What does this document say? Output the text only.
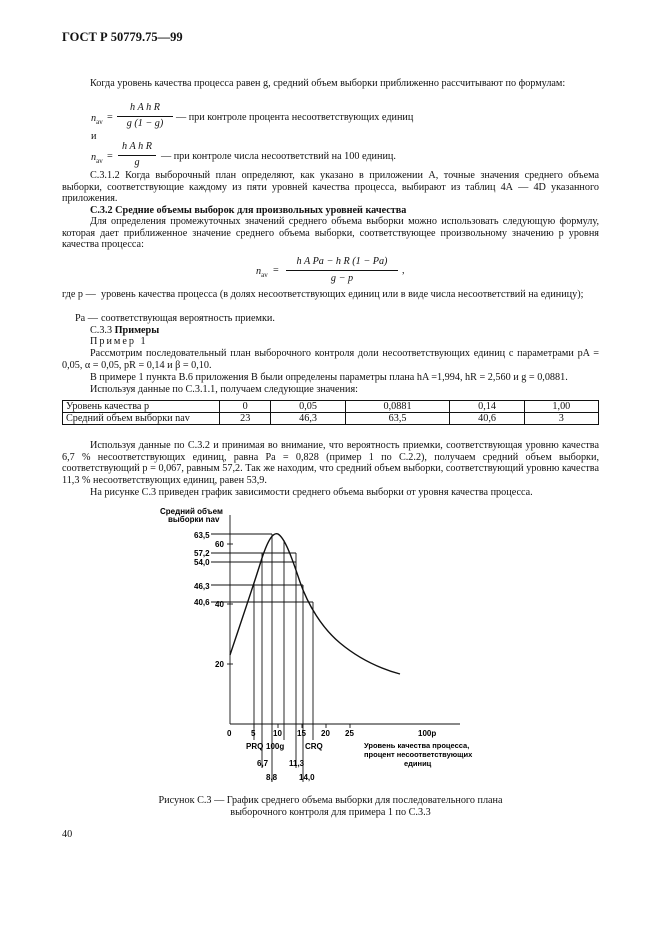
ГОСТ Р 50779.75—99
Когда уровень качества процесса равен g, средний объем выборки приближенно рассчитывают по формулам:
$n_{av}$ =
h A h R
g (1 − g)
— при контроле процента несоответствующих единиц
и
$n_{av}$ =
h A h R
g
— при контроле числа несоответствий на 100 единиц.
С.3.1.2 Когда выборочный план определяют, как указано в приложении А, точные значения среднего объема выборки, соответствующие каждому из пяти уровней качества процесса, выбирают из таблиц 4А — 4D указанного приложения.
С.3.2 Средние объемы выборок для произвольных уровней качества
Для определения промежуточных значений среднего объема выборки можно использовать следующую формулу, которая дает приближенное значение среднего объема выборки, соответствующее произвольному значению p уровня качества процесса:
$n_{av}$ =
h A Pa − h R (1 − Pa)
g − p
,
где p — уровень качества процесса (в долях несоответствующих единиц или в виде числа несоответствий на единицу);
Pa — соответствующая вероятность приемки.
С.3.3 Примеры
Пример 1
Рассмотрим последовательный план выборочного контроля доли несоответствующих единиц с параметрами pA = 0,05, α = 0,05, pR = 0,14 и β = 0,10.
В примере 1 пункта В.6 приложения В были определены параметры плана hA =1,994, hR = 2,560 и g = 0,0881.
Используя данные по С.3.1.1, получаем следующие значения:
Уровень качества p	0	0,05	0,0881	0,14	1,00
Средний объем выборки nav	23	46,3	63,5	40,6	3
Используя данные по С.3.2 и принимая во внимание, что вероятность приемки, соответствующая уровню качества 6,7 % несоответствующих единиц, равна Pa = 0,828 (пример 1 по С.2.2), получаем средний объем выборки, соответствующий p = 0,067, равным 57,2. Так же находим, что средний объем выборки, соответствующий уровню качества 11,3 % несоответствующих единиц, равен 53,9.
На рисунке С.3 приведен график зависимости среднего объема выборки от уровня качества процесса.
Средний объем
выборки nav
20
40
60
63,5
57,2
54,0
46,3
40,6
0 5 10 15 20 25	100p
Уровень качества процесса,
процент несоответствующих
единиц
PRQ 100g	CRQ
6,7	11,3
8,8	14,0
Рисунок С.3 — График среднего объема выборки для последовательного плана
выборочного контроля для примера 1 по С.3.3
40
